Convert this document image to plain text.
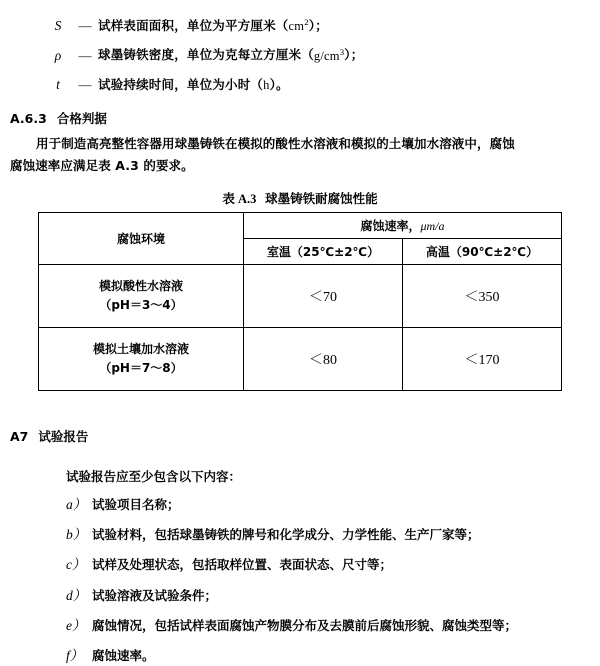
S	— 试样表面面积，单位为平方厘米$(cm^2)$；
ρ	— 球墨铸铁密度，单位为克每立方厘米$(g/cm^3)$；
t	— 试验持续时间，单位为小时（h）。
A.6.3 合格判据
用于制造高亮整性容器用球墨铸铁在模拟的酸性水溶液和模拟的土壤加水溶液中，腐蚀
腐蚀速率应满足表 A.3 的要求。
表 A.3 球墨铸铁耐腐蚀性能
腐蚀环境	腐蚀速率，μm/a	
	室温（25℃±2℃）	高温（90℃±2℃）
模拟酸性水溶液
（pH＝3～4）	＜70	＜350
模拟土壤加水溶液
（pH＝7～8）	＜80	＜170
A7 试验报告
试验报告应至少包含以下内容：
a） 试验项目名称；
b） 试验材料，包括球墨铸铁的牌号和化学成分、力学性能、生产厂家等；
c） 试样及处理状态，包括取样位置、表面状态、尺寸等；
d） 试验溶液及试验条件；
e） 腐蚀情况，包括试样表面腐蚀产物膜分布及去膜前后腐蚀形貌、腐蚀类型等；
f） 腐蚀速率。
